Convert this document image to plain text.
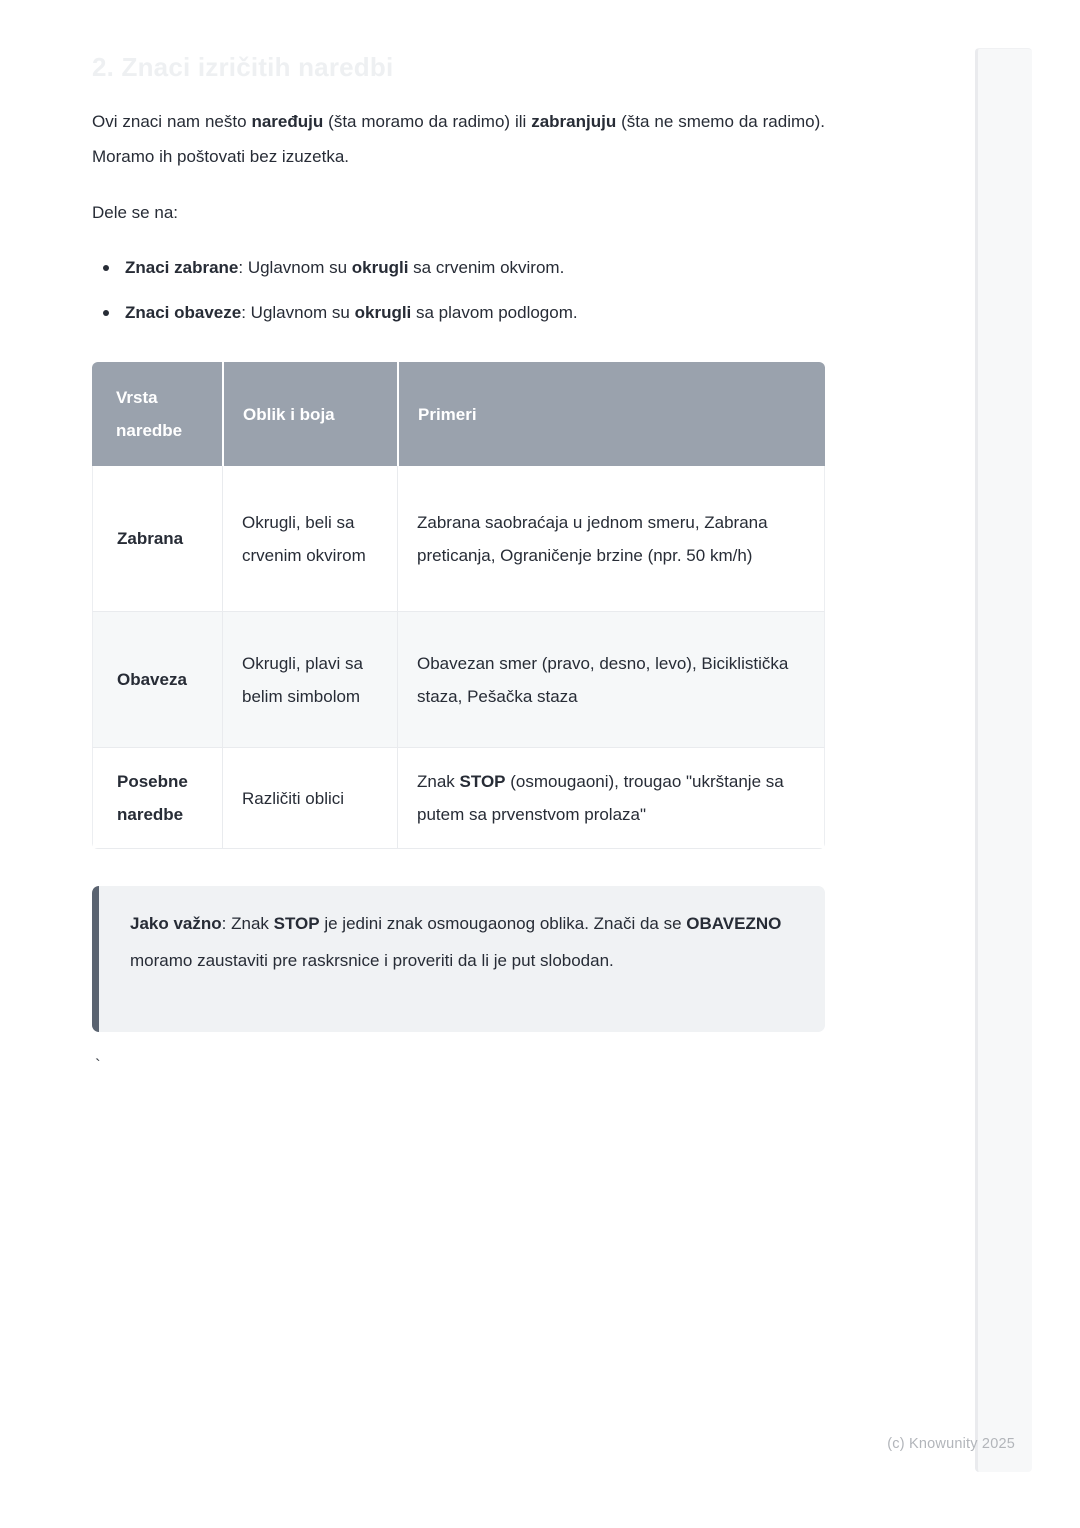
2. Znaci izričitih naredbi

Ovi znaci nam nešto naređuju (šta moramo da radimo) ili zabranjuju (šta ne smemo da radimo). Moramo ih poštovati bez izuzetka.

Dele se na:

Znaci zabrane: Uglavnom su okrugli sa crvenim okvirom.
Znaci obaveze: Uglavnom su okrugli sa plavom podlogom.
Vrsta naredbe	Oblik i boja	Primeri
Zabrana	Okrugli, beli sa crvenim okvirom	Zabrana saobraćaja u jednom smeru, Zabrana preticanja, Ograničenje brzine (npr. 50 km/h)
Obaveza	Okrugli, plavi sa belim simbolom	Obavezan smer (pravo, desno, levo), Biciklistička staza, Pešačka staza
Posebne naredbe	Različiti oblici	Znak STOP (osmougaoni), trougao "ukrštanje sa putem sa prvenstvom prolaza"
Jako važno: Znak STOP je jedini znak osmougaonog oblika. Znači da se OBAVEZNO moramo zaustaviti pre raskrsnice i proveriti da li je put slobodan.
`
(c) Knowunity 2025
